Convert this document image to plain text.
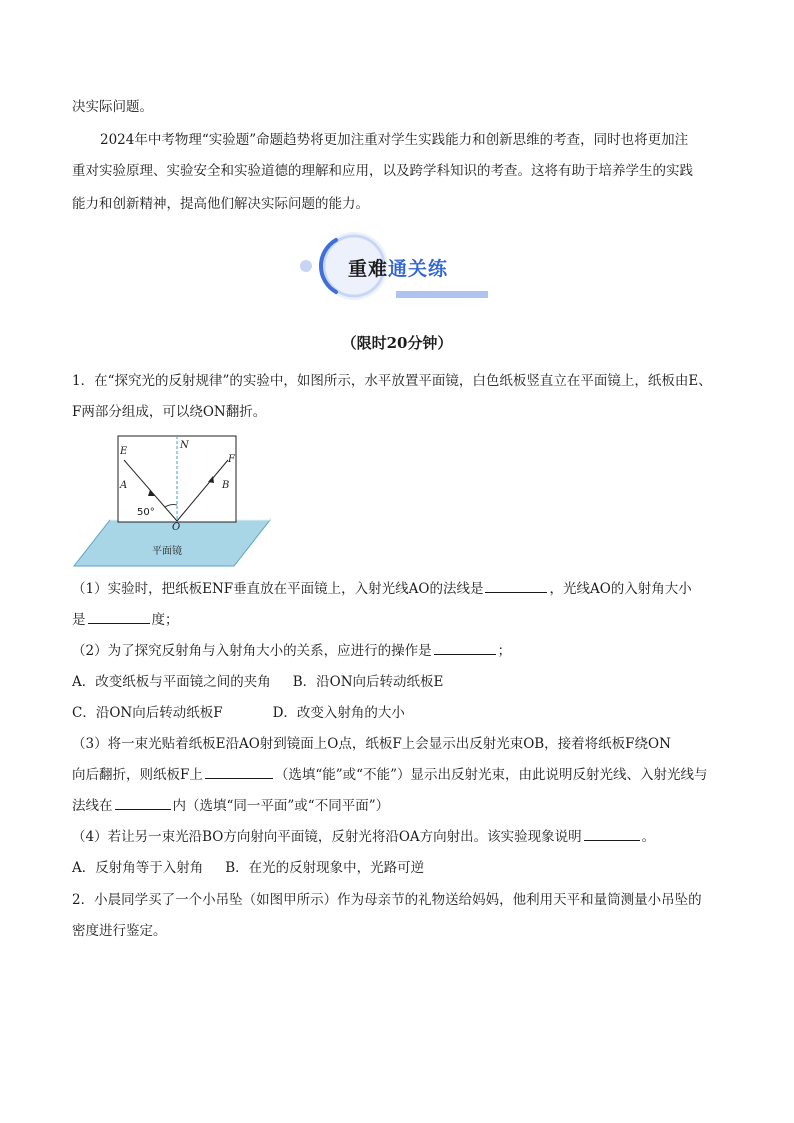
决实际问题。
2024年中考物理“实验题”命题趋势将更加注重对学生实践能力和创新思维的考查，同时也将更加注
重对实验原理、实验安全和实验道德的理解和应用，以及跨学科知识的考查。这将有助于培养学生的实践
能力和创新精神，提高他们解决实际问题的能力。
重难通关练
（限时20分钟）
1．在“探究光的反射规律”的实验中，如图所示，水平放置平面镜，白色纸板竖直立在平面镜上，纸板由E、
F两部分组成，可以绕ON翻折。
N
E
F
A	B
O
50°
平面镜
（1）实验时，把纸板ENF垂直放在平面镜上，入射光线AO的法线是	，光线AO的入射角大小
是	度；
（2）为了探究反射角与入射角大小的关系，应进行的操作是	；
A．改变纸板与平面镜之间的夹角 B．沿ON向后转动纸板E
C．沿ON向后转动纸板F	D．改变入射角的大小
（3）将一束光贴着纸板E沿AO射到镜面上O点，纸板F上会显示出反射光束OB，接着将纸板F绕ON
向后翻折，则纸板F上	（选填“能”或“不能”）显示出反射光束，由此说明反射光线、入射光线与
法线在	内（选填“同一平面”或“不同平面”）
（4）若让另一束光沿BO方向射向平面镜，反射光将沿OA方向射出。该实验现象说明	。
A．反射角等于入射角 B．在光的反射现象中，光路可逆
2．小晨同学买了一个小吊坠（如图甲所示）作为母亲节的礼物送给妈妈，他利用天平和量筒测量小吊坠的
密度进行鉴定。
